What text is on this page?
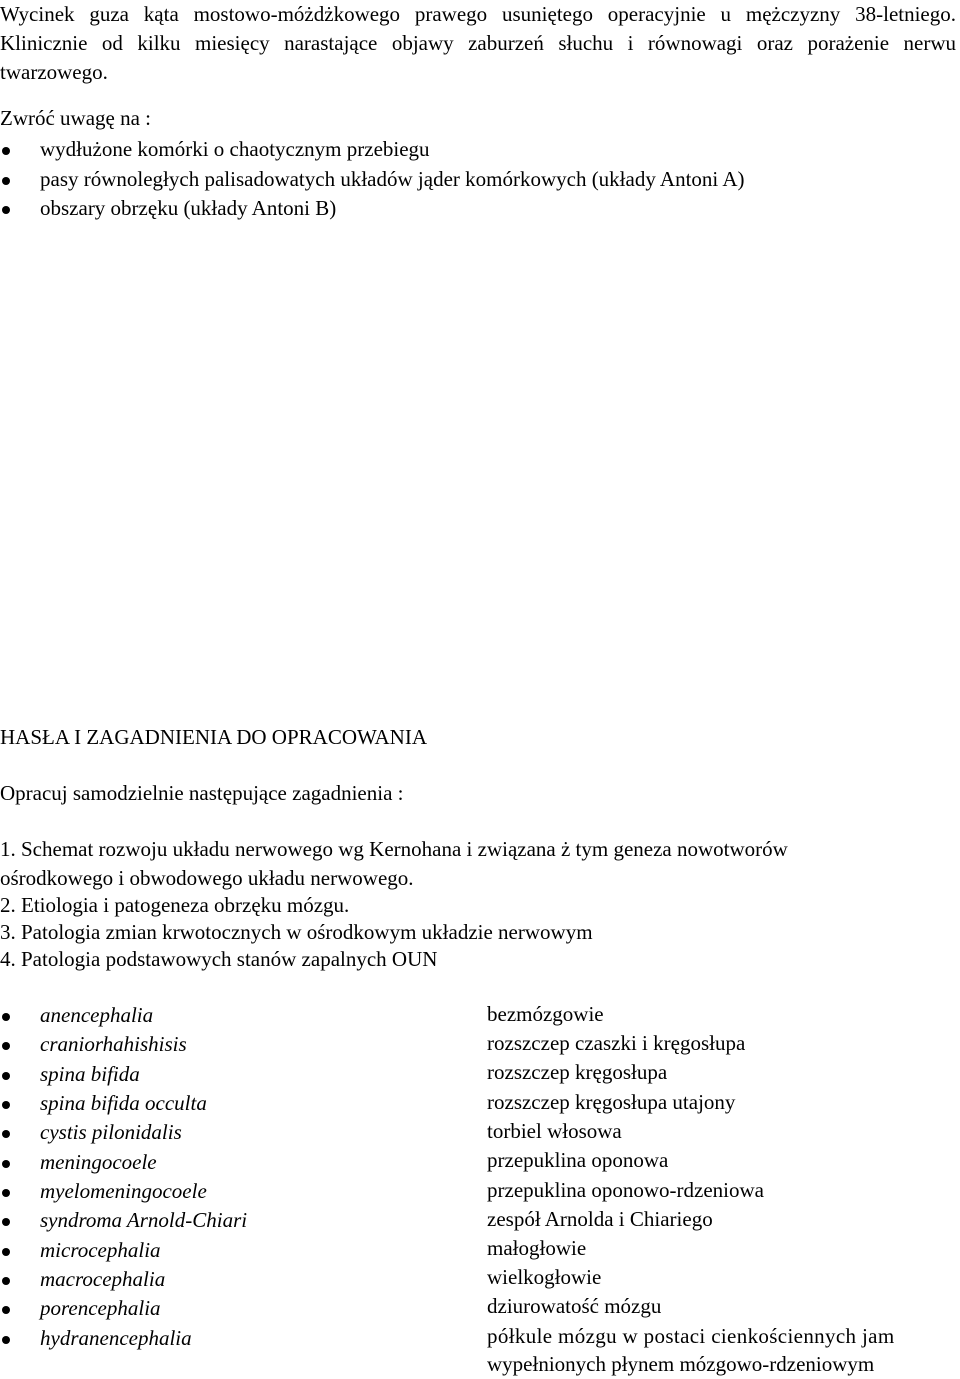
Wycinek guza kąta mostowo-móżdżkowego prawego usuniętego operacyjnie u mężczyzny 38-letniego. Klinicznie od kilku miesięcy narastające objawy zaburzeń słuchu i równowagi oraz porażenie nerwu twarzowego.
Zwróć uwagę na :
wydłużone komórki o chaotycznym przebiegu
pasy równoległych palisadowatych układów jąder komórkowych (układy Antoni A)
obszary obrzęku (układy Antoni B)
HASŁA I ZAGADNIENIA DO OPRACOWANIA
Opracuj samodzielnie następujące zagadnienia :
1. Schemat rozwoju układu nerwowego wg Kernohana i związana ż tym geneza nowotworów
ośrodkowego i obwodowego układu nerwowego.
2. Etiologia i patogeneza obrzęku mózgu.
3. Patologia zmian krwotocznych w ośrodkowym układzie nerwowym
4. Patologia podstawowych stanów zapalnych OUN
anencephalia	bezmózgowie
craniorhahishisis	rozszczep czaszki i kręgosłupa
spina bifida	rozszczep kręgosłupa
spina bifida occulta	rozszczep kręgosłupa utajony
cystis pilonidalis	torbiel włosowa
meningocoele	przepuklina oponowa
myelomeningocoele	przepuklina oponowo-rdzeniowa
syndroma Arnold-Chiari	zespół Arnolda i Chiariego
microcephalia	małogłowie
macrocephalia	wielkogłowie
porencephalia	dziurowatość mózgu
hydranencephalia	półkule mózgu w postaci cienkościennych jam
wypełnionych płynem mózgowo-rdzeniowym
